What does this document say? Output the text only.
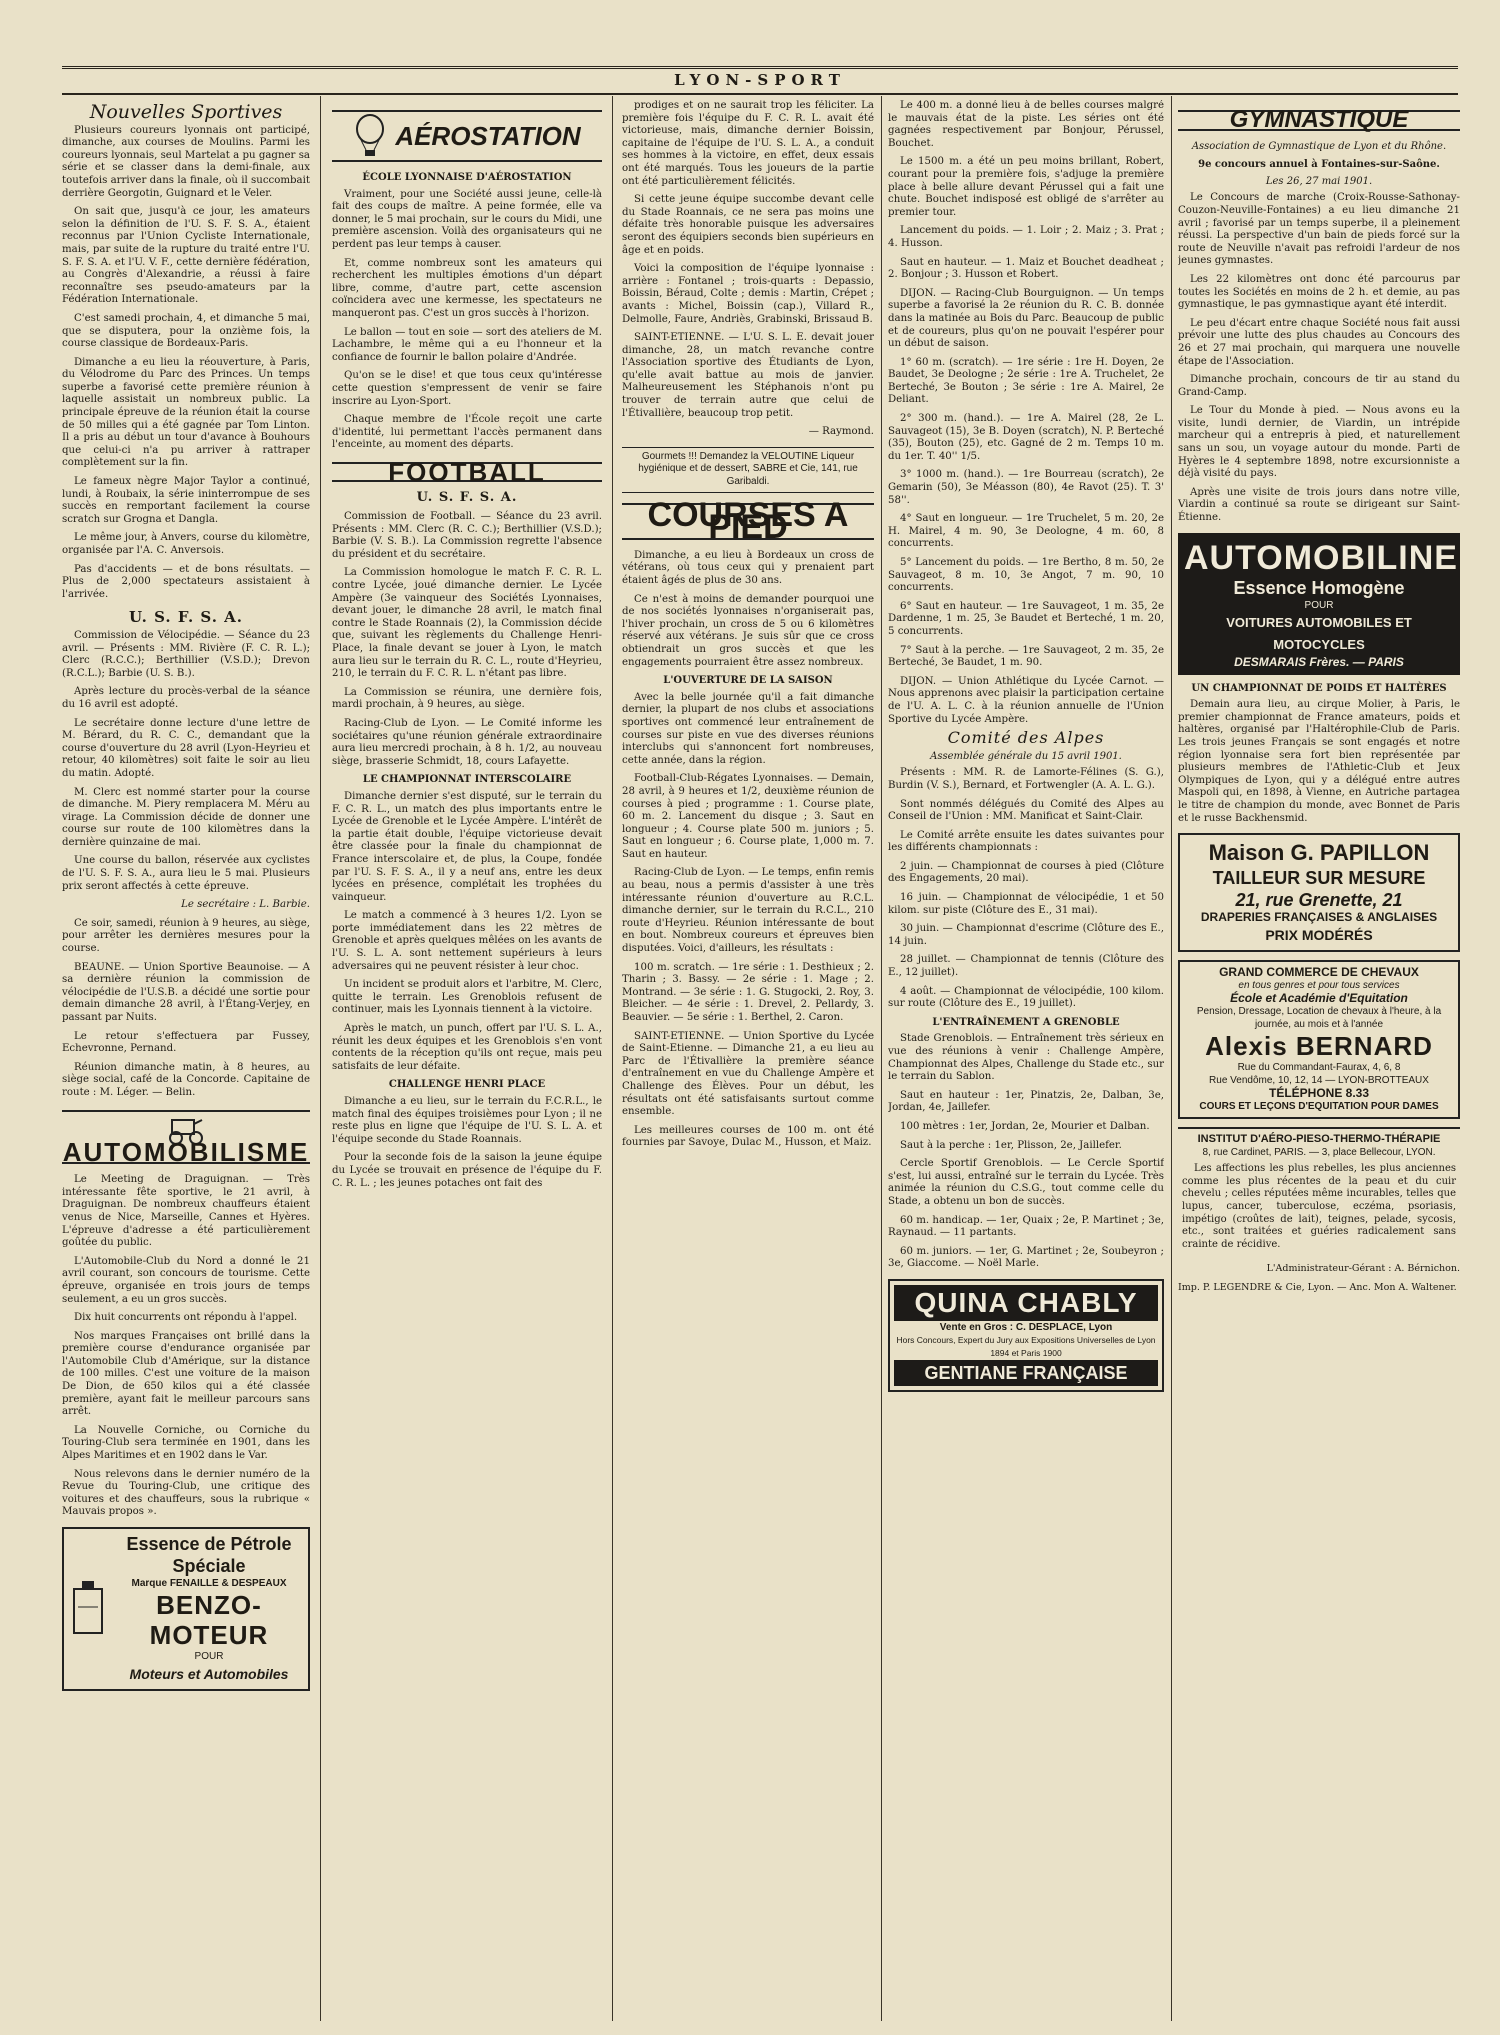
LYON-SPORT
Nouvelles Sportives

Plusieurs coureurs lyonnais ont participé, dimanche, aux courses de Moulins. Parmi les coureurs lyonnais, seul Martelat a pu gagner sa série et se classer dans la demi-finale, aux toutefois arriver dans la finale, où il succombait derrière Georgotin, Guignard et le Veler.

On sait que, jusqu'à ce jour, les amateurs selon la définition de l'U. S. F. S. A., étaient reconnus par l'Union Cycliste Internationale, mais, par suite de la rupture du traité entre l'U. S. F. S. A. et l'U. V. F., cette dernière fédération, au Congrès d'Alexandrie, a réussi à faire reconnaître ses pseudo-amateurs par la Fédération Internationale.

C'est samedi prochain, 4, et dimanche 5 mai, que se disputera, pour la onzième fois, la course classique de Bordeaux-Paris.

Dimanche a eu lieu la réouverture, à Paris, du Vélodrome du Parc des Princes. Un temps superbe a favorisé cette première réunion à laquelle assistait un nombreux public. La principale épreuve de la réunion était la course de 50 milles qui a été gagnée par Tom Linton. Il a pris au début un tour d'avance à Bouhours que celui-ci n'a pu arriver à rattraper complètement sur la fin.

Le fameux nègre Major Taylor a continué, lundi, à Roubaix, la série ininterrompue de ses succès en remportant facilement la course scratch sur Grogna et Dangla.

Le même jour, à Anvers, course du kilomètre, organisée par l'A. C. Anversois.

Pas d'accidents — et de bons résultats. — Plus de 2,000 spectateurs assistaient à l'arrivée.

U. S. F. S. A.

Commission de Vélocipédie. — Séance du 23 avril. — Présents : MM. Rivière (F. C. R. L.); Clerc (R.C.C.); Berthillier (V.S.D.); Drevon (R.C.L.); Barbie (U. S. B.).

Après lecture du procès-verbal de la séance du 16 avril est adopté.

Le secrétaire donne lecture d'une lettre de M. Bérard, du R. C. C., demandant que la course d'ouverture du 28 avril (Lyon-Heyrieu et retour, 40 kilomètres) soit faite le soir au lieu du matin. Adopté.

M. Clerc est nommé starter pour la course de dimanche. M. Piery remplacera M. Méru au virage. La Commission décide de donner une course sur route de 100 kilomètres dans la dernière quinzaine de mai.

Une course du ballon, réservée aux cyclistes de l'U. S. F. S. A., aura lieu le 5 mai. Plusieurs prix seront affectés à cette épreuve.

Le secrétaire : L. Barbie.

Ce soir, samedi, réunion à 9 heures, au siège, pour arrêter les dernières mesures pour la course.

BEAUNE. — Union Sportive Beaunoise. — A sa dernière réunion la commission de vélocipédie de l'U.S.B. a décidé une sortie pour demain dimanche 28 avril, à l'Étang-Verjey, en passant par Nuits.

Le retour s'effectuera par Fussey, Echevronne, Pernand.

Réunion dimanche matin, à 8 heures, au siège social, café de la Concorde. Capitaine de route : M. Léger. — Belin.

AUTOMOBILISME

Le Meeting de Draguignan. — Très intéressante fête sportive, le 21 avril, à Draguignan. De nombreux chauffeurs étaient venus de Nice, Marseille, Cannes et Hyères. L'épreuve d'adresse a été particulièrement goûtée du public.

L'Automobile-Club du Nord a donné le 21 avril courant, son concours de tourisme. Cette épreuve, organisée en trois jours de temps seulement, a eu un gros succès.

Dix huit concurrents ont répondu à l'appel.

Nos marques Françaises ont brillé dans la première course d'endurance organisée par l'Automobile Club d'Amérique, sur la distance de 100 milles. C'est une voiture de la maison De Dion, de 650 kilos qui a été classée première, ayant fait le meilleur parcours sans arrêt.

La Nouvelle Corniche, ou Corniche du Touring-Club sera terminée en 1901, dans les Alpes Maritimes et en 1902 dans le Var.

Nous relevons dans le dernier numéro de la Revue du Touring-Club, une critique des voitures et des chauffeurs, sous la rubrique « Mauvais propos ».

Essence de Pétrole Spéciale
Marque FENAILLE & DESPEAUX
BENZO-MOTEUR
POUR
Moteurs et Automobiles
AÉROSTATION
ÉCOLE LYONNAISE D'AÉROSTATION

Vraiment, pour une Société aussi jeune, celle-là fait des coups de maître. A peine formée, elle va donner, le 5 mai prochain, sur le cours du Midi, une première ascension. Voilà des organisateurs qui ne perdent pas leur temps à causer.

Et, comme nombreux sont les amateurs qui recherchent les multiples émotions d'un départ libre, comme, d'autre part, cette ascension coïncidera avec une kermesse, les spectateurs ne manqueront pas. C'est un gros succès à l'horizon.

Le ballon — tout en soie — sort des ateliers de M. Lachambre, le même qui a eu l'honneur et la confiance de fournir le ballon polaire d'Andrée.

Qu'on se le dise! et que tous ceux qu'intéresse cette question s'empressent de venir se faire inscrire au Lyon-Sport.

Chaque membre de l'École reçoit une carte d'identité, lui permettant l'accès permanent dans l'enceinte, au moment des départs.

FOOTBALL
U. S. F. S. A.

Commission de Football. — Séance du 23 avril. Présents : MM. Clerc (R. C. C.); Berthillier (V.S.D.); Barbie (V. S. B.). La Commission regrette l'absence du président et du secrétaire.

La Commission homologue le match F. C. R. L. contre Lycée, joué dimanche dernier. Le Lycée Ampère (3e vainqueur des Sociétés Lyonnaises, devant jouer, le dimanche 28 avril, le match final contre le Stade Roannais (2), la Commission décide que, suivant les règlements du Challenge Henri-Place, la finale devant se jouer à Lyon, le match aura lieu sur le terrain du R. C. L., route d'Heyrieu, 210, le terrain du F. C. R. L. n'étant pas libre.

La Commission se réunira, une dernière fois, mardi prochain, à 9 heures, au siège.

Racing-Club de Lyon. — Le Comité informe les sociétaires qu'une réunion générale extraordinaire aura lieu mercredi prochain, à 8 h. 1/2, au nouveau siège, brasserie Schmidt, 18, cours Lafayette.

LE CHAMPIONNAT INTERSCOLAIRE

Dimanche dernier s'est disputé, sur le terrain du F. C. R. L., un match des plus importants entre le Lycée de Grenoble et le Lycée Ampère. L'intérêt de la partie était double, l'équipe victorieuse devait être classée pour la finale du championnat de France interscolaire et, de plus, la Coupe, fondée par l'U. S. F. S. A., il y a neuf ans, entre les deux lycées en présence, complétait les trophées du vainqueur.

Le match a commencé à 3 heures 1/2. Lyon se porte immédiatement dans les 22 mètres de Grenoble et après quelques mêlées on les avants de l'U. S. L. A. sont nettement supérieurs à leurs adversaires qui ne peuvent résister à leur choc.

Un incident se produit alors et l'arbitre, M. Clerc, quitte le terrain. Les Grenoblois refusent de continuer, mais les Lyonnais tiennent à la victoire.

Après le match, un punch, offert par l'U. S. L. A., réunit les deux équipes et les Grenoblois s'en vont contents de la réception qu'ils ont reçue, mais peu satisfaits de leur défaite.

CHALLENGE HENRI PLACE

Dimanche a eu lieu, sur le terrain du F.C.R.L., le match final des équipes troisièmes pour Lyon ; il ne reste plus en ligne que l'équipe de l'U. S. L. A. et l'équipe seconde du Stade Roannais.

Pour la seconde fois de la saison la jeune équipe du Lycée se trouvait en présence de l'équipe du F. C. R. L. ; les jeunes potaches ont fait des

prodiges et on ne saurait trop les féliciter. La première fois l'équipe du F. C. R. L. avait été victorieuse, mais, dimanche dernier Boissin, capitaine de l'équipe de l'U. S. L. A., a conduit ses hommes à la victoire, en effet, deux essais ont été marqués. Tous les joueurs de la partie ont été particulièrement félicités.

Si cette jeune équipe succombe devant celle du Stade Roannais, ce ne sera pas moins une défaite très honorable puisque les adversaires seront des équipiers seconds bien supérieurs en âge et en poids.

Voici la composition de l'équipe lyonnaise : arrière : Fontanel ; trois-quarts : Depassio, Boissin, Béraud, Colte ; demis : Martin, Crépet ; avants : Michel, Boissin (cap.), Villard R., Delmolle, Faure, Andriès, Grabinski, Brissaud B.

SAINT-ETIENNE. — L'U. S. L. E. devait jouer dimanche, 28, un match revanche contre l'Association sportive des Étudiants de Lyon, qu'elle avait battue au mois de janvier. Malheureusement les Stéphanois n'ont pu trouver de terrain autre que celui de l'Étivallière, beaucoup trop petit.

— Raymond.

Gourmets !!! Demandez la VELOUTINE Liqueur hygiénique et de dessert, SABRE et Cie, 141, rue Garibaldi.
COURSES A PIED

Dimanche, a eu lieu à Bordeaux un cross de vétérans, où tous ceux qui y prenaient part étaient âgés de plus de 30 ans.

Ce n'est à moins de demander pourquoi une de nos sociétés lyonnaises n'organiserait pas, l'hiver prochain, un cross de 5 ou 6 kilomètres réservé aux vétérans. Je suis sûr que ce cross obtiendrait un gros succès et que les engagements pourraient être assez nombreux.

L'OUVERTURE DE LA SAISON

Avec la belle journée qu'il a fait dimanche dernier, la plupart de nos clubs et associations sportives ont commencé leur entraînement de courses sur piste en vue des diverses réunions interclubs qui s'annoncent fort nombreuses, cette année, dans la région.

Football-Club-Régates Lyonnaises. — Demain, 28 avril, à 9 heures et 1/2, deuxième réunion de courses à pied ; programme : 1. Course plate, 60 m. 2. Lancement du disque ; 3. Saut en longueur ; 4. Course plate 500 m. juniors ; 5. Saut en longueur ; 6. Course plate, 1,000 m. 7. Saut en hauteur.

Racing-Club de Lyon. — Le temps, enfin remis au beau, nous a permis d'assister à une très intéressante réunion d'ouverture au R.C.L. dimanche dernier, sur le terrain du R.C.L., 210 route d'Heyrieu. Réunion intéressante de bout en bout. Nombreux coureurs et épreuves bien disputées. Voici, d'ailleurs, les résultats :

100 m. scratch. — 1re série : 1. Desthieux ; 2. Tharin ; 3. Bassy. — 2e série : 1. Mage ; 2. Montrand. — 3e série : 1. G. Stugocki, 2. Roy, 3. Bleicher. — 4e série : 1. Drevel, 2. Pellardy, 3. Beauvier. — 5e série : 1. Berthel, 2. Caron.

SAINT-ETIENNE. — Union Sportive du Lycée de Saint-Etienne. — Dimanche 21, a eu lieu au Parc de l'Étivallière la première séance d'entraînement en vue du Challenge Ampère et Challenge des Élèves. Pour un début, les résultats ont été satisfaisants surtout comme ensemble.

Les meilleures courses de 100 m. ont été fournies par Savoye, Dulac M., Husson, et Maiz.

Le 400 m. a donné lieu à de belles courses malgré le mauvais état de la piste. Les séries ont été gagnées respectivement par Bonjour, Pérussel, Bouchet.

Le 1500 m. a été un peu moins brillant, Robert, courant pour la première fois, s'adjuge la première place à belle allure devant Pérussel qui a fait une chute. Bouchet indisposé est obligé de s'arrêter au premier tour.

Lancement du poids. — 1. Loir ; 2. Maiz ; 3. Prat ; 4. Husson.

Saut en hauteur. — 1. Maiz et Bouchet deadheat ; 2. Bonjour ; 3. Husson et Robert.

DIJON. — Racing-Club Bourguignon. — Un temps superbe a favorisé la 2e réunion du R. C. B. donnée dans la matinée au Bois du Parc. Beaucoup de public et de coureurs, plus qu'on ne pouvait l'espérer pour un début de saison.

1° 60 m. (scratch). — 1re série : 1re H. Doyen, 2e Baudet, 3e Deologne ; 2e série : 1re A. Truchelet, 2e Berteché, 3e Bouton ; 3e série : 1re A. Mairel, 2e Deliant.

2° 300 m. (hand.). — 1re A. Mairel (28, 2e L. Sauvageot (15), 3e B. Doyen (scratch), N. P. Berteché (35), Bouton (25), etc. Gagné de 2 m. Temps 10 m. du 1er. T. 40'' 1/5.

3° 1000 m. (hand.). — 1re Bourreau (scratch), 2e Gemarin (50), 3e Méasson (80), 4e Ravot (25). T. 3' 58''.

4° Saut en longueur. — 1re Truchelet, 5 m. 20, 2e H. Mairel, 4 m. 90, 3e Deologne, 4 m. 60, 8 concurrents.

5° Lancement du poids. — 1re Bertho, 8 m. 50, 2e Sauvageot, 8 m. 10, 3e Angot, 7 m. 90, 10 concurrents.

6° Saut en hauteur. — 1re Sauvageot, 1 m. 35, 2e Dardenne, 1 m. 25, 3e Baudet et Berteché, 1 m. 20, 5 concurrents.

7° Saut à la perche. — 1re Sauvageot, 2 m. 35, 2e Berteché, 3e Baudet, 1 m. 90.

DIJON. — Union Athlétique du Lycée Carnot. — Nous apprenons avec plaisir la participation certaine de l'U. A. L. C. à la réunion annuelle de l'Union Sportive du Lycée Ampère.

Comité des Alpes
Assemblée générale du 15 avril 1901.

Présents : MM. R. de Lamorte-Félines (S. G.), Burdin (V. S.), Bernard, et Fortwengler (A. A. L. G.).

Sont nommés délégués du Comité des Alpes au Conseil de l'Union : MM. Manificat et Saint-Clair.

Le Comité arrête ensuite les dates suivantes pour les différents championnats :

2 juin. — Championnat de courses à pied (Clôture des Engagements, 20 mai).

16 juin. — Championnat de vélocipédie, 1 et 50 kilom. sur piste (Clôture des E., 31 mai).

30 juin. — Championnat d'escrime (Clôture des E., 14 juin.

28 juillet. — Championnat de tennis (Clôture des E., 12 juillet).

4 août. — Championnat de vélocipédie, 100 kilom. sur route (Clôture des E., 19 juillet).

L'ENTRAÎNEMENT A GRENOBLE

Stade Grenoblois. — Entraînement très sérieux en vue des réunions à venir : Challenge Ampère, Championnat des Alpes, Challenge du Stade etc., sur le terrain du Sablon.

Saut en hauteur : 1er, Pinatzis, 2e, Dalban, 3e, Jordan, 4e, Jaillefer.

100 mètres : 1er, Jordan, 2e, Mourier et Dalban.

Saut à la perche : 1er, Plisson, 2e, Jaillefer.

Cercle Sportif Grenoblois. — Le Cercle Sportif s'est, lui aussi, entraîné sur le terrain du Lycée. Très animée la réunion du C.S.G., tout comme celle du Stade, a obtenu un bon de succès.

60 m. handicap. — 1er, Quaix ; 2e, P. Martinet ; 3e, Raynaud. — 11 partants.

60 m. juniors. — 1er, G. Martinet ; 2e, Soubeyron ; 3e, Giaccome. — Noël Marle.

QUINA CHABLY
Vente en Gros : C. DESPLACE, Lyon
Hors Concours, Expert du Jury aux Expositions Universelles de Lyon 1894 et Paris 1900
GENTIANE FRANÇAISE
GYMNASTIQUE
Association de Gymnastique de Lyon et du Rhône.
9e concours annuel à Fontaines-sur-Saône.
Les 26, 27 mai 1901.

Le Concours de marche (Croix-Rousse-Sathonay-Couzon-Neuville-Fontaines) a eu lieu dimanche 21 avril ; favorisé par un temps superbe, il a pleinement réussi. La perspective d'un bain de pieds forcé sur la route de Neuville n'avait pas refroidi l'ardeur de nos jeunes gymnastes.

Les 22 kilomètres ont donc été parcourus par toutes les Sociétés en moins de 2 h. et demie, au pas gymnastique, le pas gymnastique ayant été interdit.

Le peu d'écart entre chaque Société nous fait aussi prévoir une lutte des plus chaudes au Concours des 26 et 27 mai prochain, qui marquera une nouvelle étape de l'Association.

Dimanche prochain, concours de tir au stand du Grand-Camp.

Le Tour du Monde à pied. — Nous avons eu la visite, lundi dernier, de Viardin, un intrépide marcheur qui a entrepris à pied, et naturellement sans un sou, un voyage autour du monde. Parti de Hyères le 4 septembre 1898, notre excursionniste a déjà visité du pays.

Après une visite de trois jours dans notre ville, Viardin a continué sa route se dirigeant sur Saint-Étienne.

AUTOMOBILINE
Essence Homogène
POUR
VOITURES AUTOMOBILES ET MOTOCYCLES
DESMARAIS Frères. — PARIS
UN CHAMPIONNAT DE POIDS ET HALTÈRES

Demain aura lieu, au cirque Molier, à Paris, le premier championnat de France amateurs, poids et haltères, organisé par l'Haltérophile-Club de Paris. Les trois jeunes Français se sont engagés et notre région lyonnaise sera fort bien représentée par plusieurs membres de l'Athletic-Club et Jeux Olympiques de Lyon, qui y a délégué entre autres Maspoli qui, en 1898, à Vienne, en Autriche partagea le titre de champion du monde, avec Bonnet de Paris et le russe Backhensmid.

Maison G. PAPILLON
TAILLEUR SUR MESURE
21, rue Grenette, 21
DRAPERIES FRANÇAISES & ANGLAISES
PRIX MODÉRÉS
GRAND COMMERCE DE CHEVAUX
en tous genres et pour tous services
École et Académie d'Equitation
Pension, Dressage, Location de chevaux à l'heure, à la journée, au mois et à l'année
Alexis BERNARD
Rue du Commandant-Faurax, 4, 6, 8
Rue Vendôme, 10, 12, 14 — LYON-BROTTEAUX
TÉLÉPHONE 8.33
COURS ET LEÇONS D'EQUITATION POUR DAMES
INSTITUT D'AÉRO-PIESO-THERMO-THÉRAPIE
8, rue Cardinet, PARIS. — 3, place Bellecour, LYON.

Les affections les plus rebelles, les plus anciennes comme les plus récentes de la peau et du cuir chevelu ; celles réputées même incurables, telles que lupus, cancer, tuberculose, eczéma, psoriasis, impétigo (croûtes de lait), teignes, pelade, sycosis, etc., sont traitées et guéries radicalement sans crainte de récidive.

L'Administrateur-Gérant : A. Bérnichon.
Imp. P. LEGENDRE & Cie, Lyon. — Anc. Mon A. Waltener.
